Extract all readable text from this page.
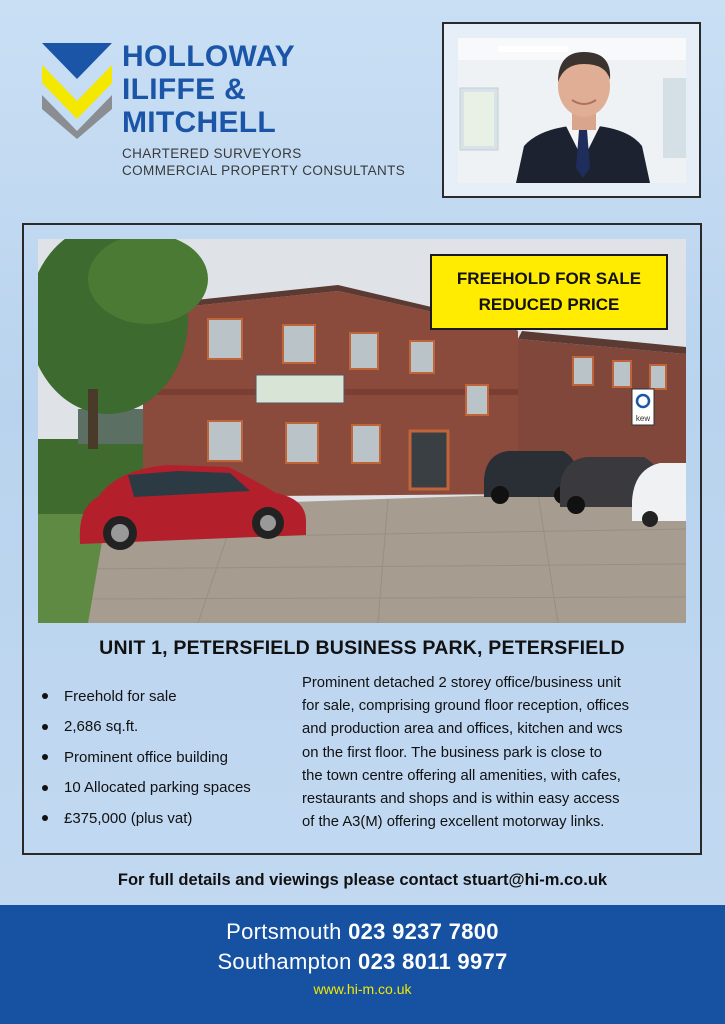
HOLLOWAY
ILIFFE &
MITCHELL
CHARTERED SURVEYORS
COMMERCIAL PROPERTY CONSULTANTS
kew
FREEHOLD FOR SALE
REDUCED PRICE
UNIT 1, PETERSFIELD BUSINESS PARK, PETERSFIELD
Freehold for sale
2,686 sq.ft.
Prominent office building
10 Allocated parking spaces
£375,000 (plus vat)
Prominent detached 2 storey office/business unit
for sale, comprising ground floor reception, offices
and production area and offices, kitchen and wcs
on the first floor. The business park is close to
the town centre offering all amenities, with cafes,
restaurants and shops and is within easy access
of the A3(M) offering excellent motorway links.
For full details and viewings please contact stuart@hi-m.co.uk
Portsmouth 023 9237 7800
Southampton 023 8011 9977
www.hi-m.co.uk
